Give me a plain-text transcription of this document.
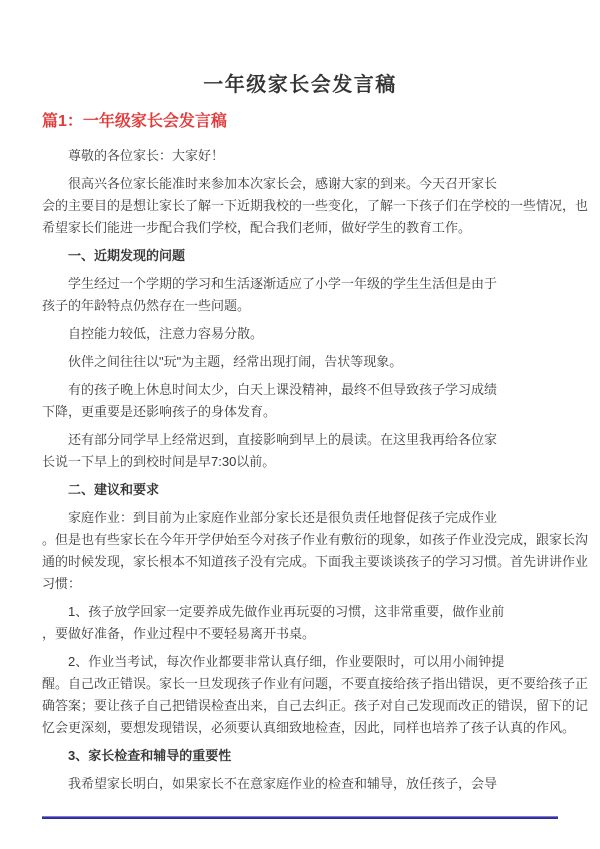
一年级家长会发言稿
篇1：一年级家长会发言稿
尊敬的各位家长：大家好！
很高兴各位家长能准时来参加本次家长会，感谢大家的到来。今天召开家长
会的主要目的是想让家长了解一下近期我校的一些变化，了解一下孩子们在学校的一些情况，也
希望家长们能进一步配合我们学校，配合我们老师，做好学生的教育工作。
一、近期发现的问题
学生经过一个学期的学习和生活逐渐适应了小学一年级的学生生活但是由于
孩子的年龄特点仍然存在一些问题。
自控能力较低，注意力容易分散。
伙伴之间往往以"玩"为主题，经常出现打闹，告状等现象。
有的孩子晚上休息时间太少，白天上课没精神，最终不但导致孩子学习成绩
下降，更重要是还影响孩子的身体发育。
还有部分同学早上经常迟到，直接影响到早上的晨读。在这里我再给各位家
长说一下早上的到校时间是早7:30以前。
二、建议和要求
家庭作业：到目前为止家庭作业部分家长还是很负责任地督促孩子完成作业
。但是也有些家长在今年开学伊始至今对孩子作业有敷衍的现象，如孩子作业没完成，跟家长沟
通的时候发现，家长根本不知道孩子没有完成。下面我主要谈谈孩子的学习习惯。首先讲讲作业
习惯：
1、孩子放学回家一定要养成先做作业再玩耍的习惯，这非常重要，做作业前
，要做好准备，作业过程中不要轻易离开书桌。
2、作业当考试，每次作业都要非常认真仔细，作业要限时，可以用小闹钟提
醒。自己改正错误。家长一旦发现孩子作业有问题，不要直接给孩子指出错误，更不要给孩子正
确答案；要让孩子自己把错误检查出来，自己去纠正。孩子对自己发现而改正的错误，留下的记
忆会更深刻，要想发现错误，必须要认真细致地检查，因此，同样也培养了孩子认真的作风。
3、家长检查和辅导的重要性
我希望家长明白，如果家长不在意家庭作业的检查和辅导，放任孩子，会导
